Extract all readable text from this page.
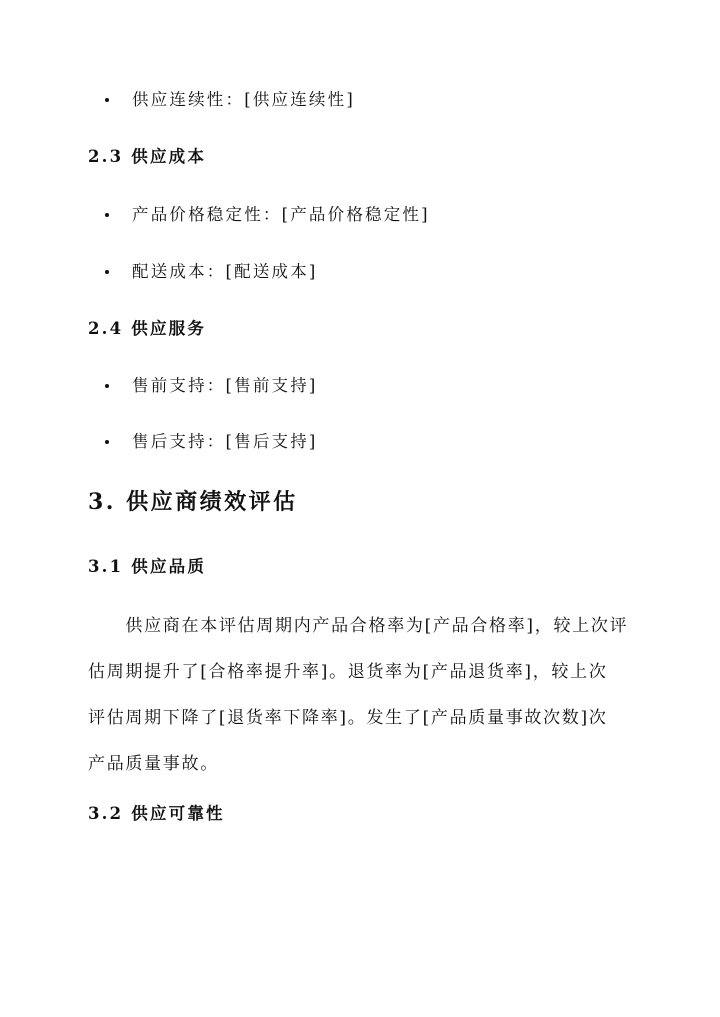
供应连续性：[供应连续性]
2.3 供应成本
产品价格稳定性：[产品价格稳定性]
配送成本：[配送成本]
2.4 供应服务
售前支持：[售前支持]
售后支持：[售后支持]
3. 供应商绩效评估
3.1 供应品质
　　供应商在本评估周期内产品合格率为[产品合格率]，较上次评
估周期提升了[合格率提升率]。退货率为[产品退货率]，较上次
评估周期下降了[退货率下降率]。发生了[产品质量事故次数]次
产品质量事故。
3.2 供应可靠性
